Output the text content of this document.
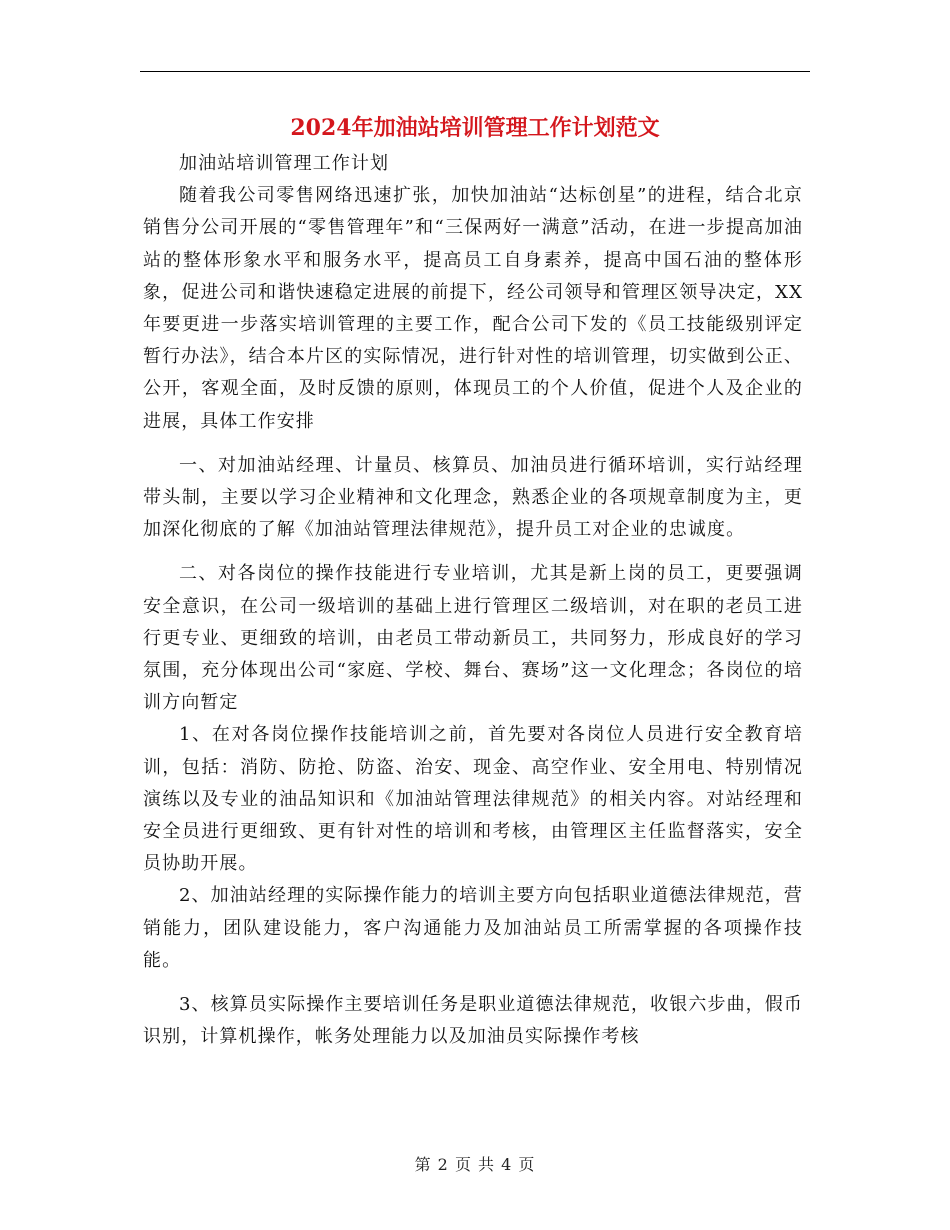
2024年加油站培训管理工作计划范文

加油站培训管理工作计划

随着我公司零售网络迅速扩张，加快加油站“达标创星”的进程，结合北京销售分公司开展的“零售管理年”和“三保两好一满意”活动，在进一步提高加油站的整体形象水平和服务水平，提高员工自身素养，提高中国石油的整体形象，促进公司和谐快速稳定进展的前提下，经公司领导和管理区领导决定，XX年要更进一步落实培训管理的主要工作，配合公司下发的《员工技能级别评定暂行办法》，结合本片区的实际情况，进行针对性的培训管理，切实做到公正、公开，客观全面，及时反馈的原则，体现员工的个人价值，促进个人及企业的进展，具体工作安排

一、对加油站经理、计量员、核算员、加油员进行循环培训，实行站经理带头制，主要以学习企业精神和文化理念，熟悉企业的各项规章制度为主，更加深化彻底的了解《加油站管理法律规范》，提升员工对企业的忠诚度。

二、对各岗位的操作技能进行专业培训，尤其是新上岗的员工，更要强调安全意识，在公司一级培训的基础上进行管理区二级培训，对在职的老员工进行更专业、更细致的培训，由老员工带动新员工，共同努力，形成良好的学习氛围，充分体现出公司“家庭、学校、舞台、赛场”这一文化理念；各岗位的培训方向暂定

1、在对各岗位操作技能培训之前，首先要对各岗位人员进行安全教育培训，包括：消防、防抢、防盗、治安、现金、高空作业、安全用电、特别情况演练以及专业的油品知识和《加油站管理法律规范》的相关内容。对站经理和安全员进行更细致、更有针对性的培训和考核，由管理区主任监督落实，安全员协助开展。

2、加油站经理的实际操作能力的培训主要方向包括职业道德法律规范，营销能力，团队建设能力，客户沟通能力及加油站员工所需掌握的各项操作技能。

3、核算员实际操作主要培训任务是职业道德法律规范，收银六步曲，假币识别，计算机操作，帐务处理能力以及加油员实际操作考核

第 2 页 共 4 页
